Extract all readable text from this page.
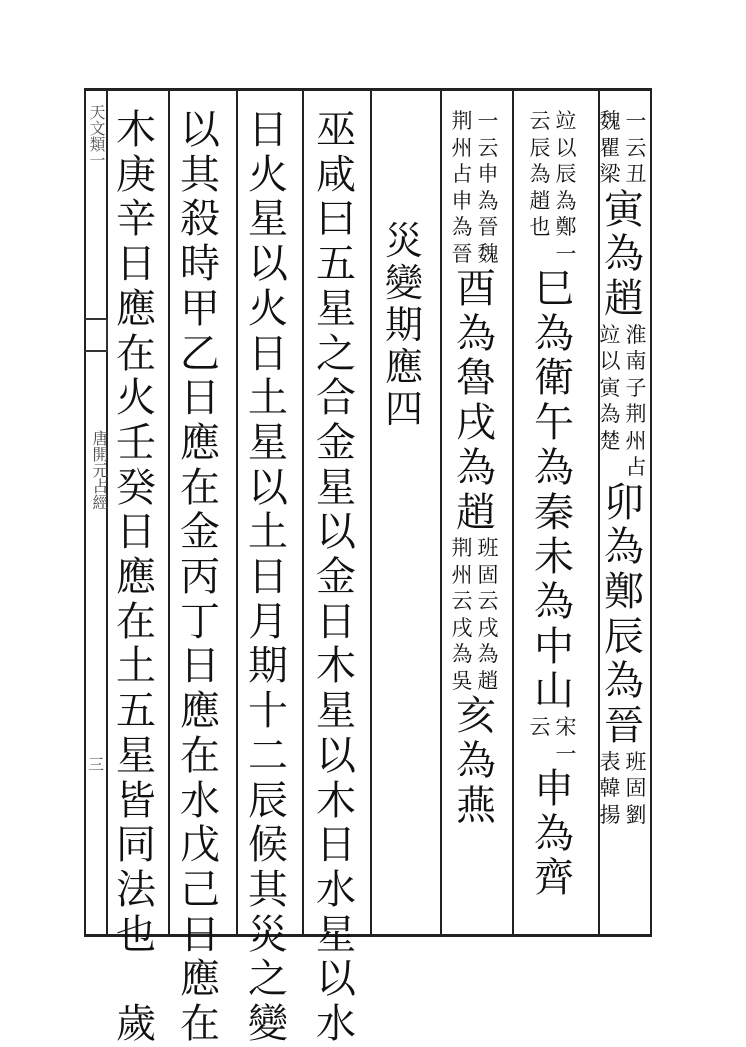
天文類一
唐開元占經
三
一
云
丑
魏
瞿
梁
寅
為
趙
淮
南
子
荆
州
占
竝
以
寅
為
楚
卯
為
鄭
辰
為
晉
班
固
劉
表
韓
揚
竝
以
辰
為
鄭
一
云
辰
為
趙
也
巳
為
衛
午
為
秦
未
為
中
山
宋
一
云
申
為
齊
一
云
申
為
晉
魏
荆
州
占
申
為
晉
酉
為
魯
戌
為
趙
班
固
云
戌
為
趙
荆
州
云
戌
為
吳
亥
為
燕
災
變
期
應
四
巫
咸
曰
五
星
之
合
金
星
以
金
日
木
星
以
木
日
水
星
以
水
日
火
星
以
火
日
土
星
以
土
日
月
期
十
二
辰
候
其
災
之
變
以
其
殺
時
甲
乙
日
應
在
金
丙
丁
日
應
在
水
戊
己
日
應
在
木
庚
辛
日
應
在
火
壬
癸
日
應
在
土
五
星
皆
同
法
也

歲
